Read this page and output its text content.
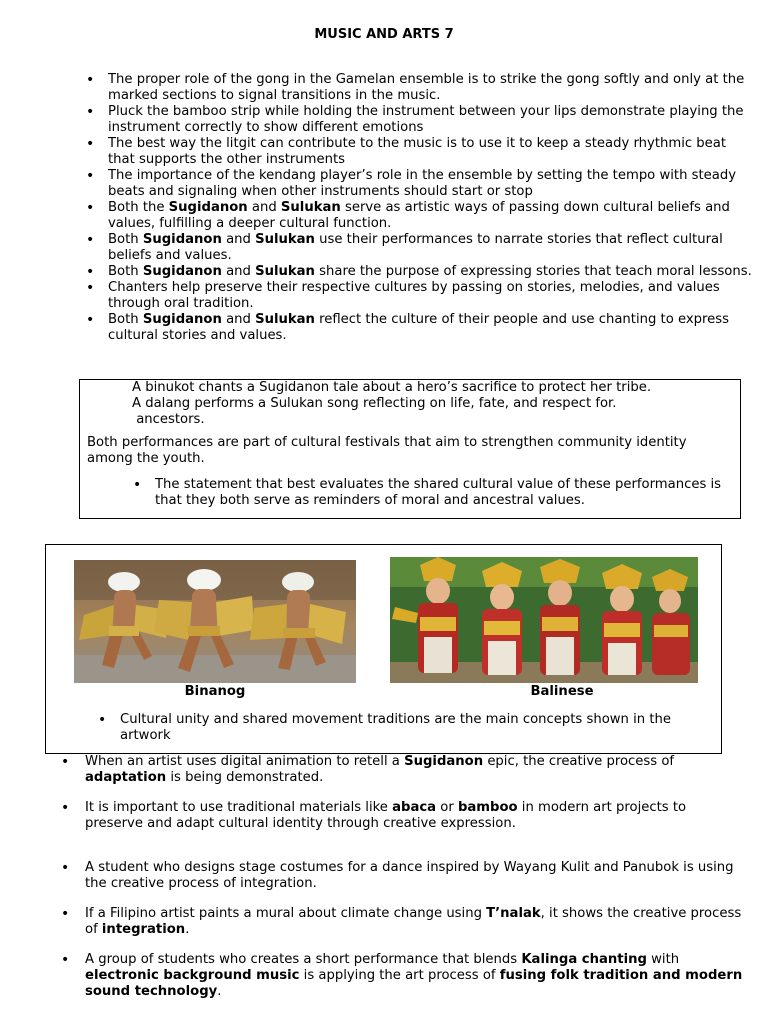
MUSIC AND ARTS 7
• The proper role of the gong in the Gamelan ensemble is to strike the gong softly and only at the marked sections to signal transitions in the music.
• Pluck the bamboo strip while holding the instrument between your lips demonstrate playing the instrument correctly to show different emotions
• The best way the litgit can contribute to the music is to use it to keep a steady rhythmic beat that supports the other instruments
• The importance of the kendang player’s role in the ensemble by setting the tempo with steady beats and signaling when other instruments should start or stop
• Both the Sugidanon and Sulukan serve as artistic ways of passing down cultural beliefs and values, fulfilling a deeper cultural function.
• Both Sugidanon and Sulukan use their performances to narrate stories that reflect cultural beliefs and values.
• Both Sugidanon and Sulukan share the purpose of expressing stories that teach moral lessons.
• Chanters help preserve their respective cultures by passing on stories, melodies, and values through oral tradition.
• Both Sugidanon and Sulukan reflect the culture of their people and use chanting to express cultural stories and values.
A binukot chants a Sugidanon tale about a hero’s sacrifice to protect her tribe.
A dalang performs a Sulukan song reflecting on life, fate, and respect for.
ancestors.
Both performances are part of cultural festivals that aim to strengthen community identity among the youth.
• The statement that best evaluates the shared cultural value of these performances is that they both serve as reminders of moral and ancestral values.
Binanog	Balinese
• Cultural unity and shared movement traditions are the main concepts shown in the artwork
• When an artist uses digital animation to retell a Sugidanon epic, the creative process of adaptation is being demonstrated.
• It is important to use traditional materials like abaca or bamboo in modern art projects to preserve and adapt cultural identity through creative expression.
• A student who designs stage costumes for a dance inspired by Wayang Kulit and Panubok is using the creative process of integration.
• If a Filipino artist paints a mural about climate change using T’nalak, it shows the creative process of integration.
• A group of students who creates a short performance that blends Kalinga chanting with electronic background music is applying the art process of fusing folk tradition and modern sound technology.
